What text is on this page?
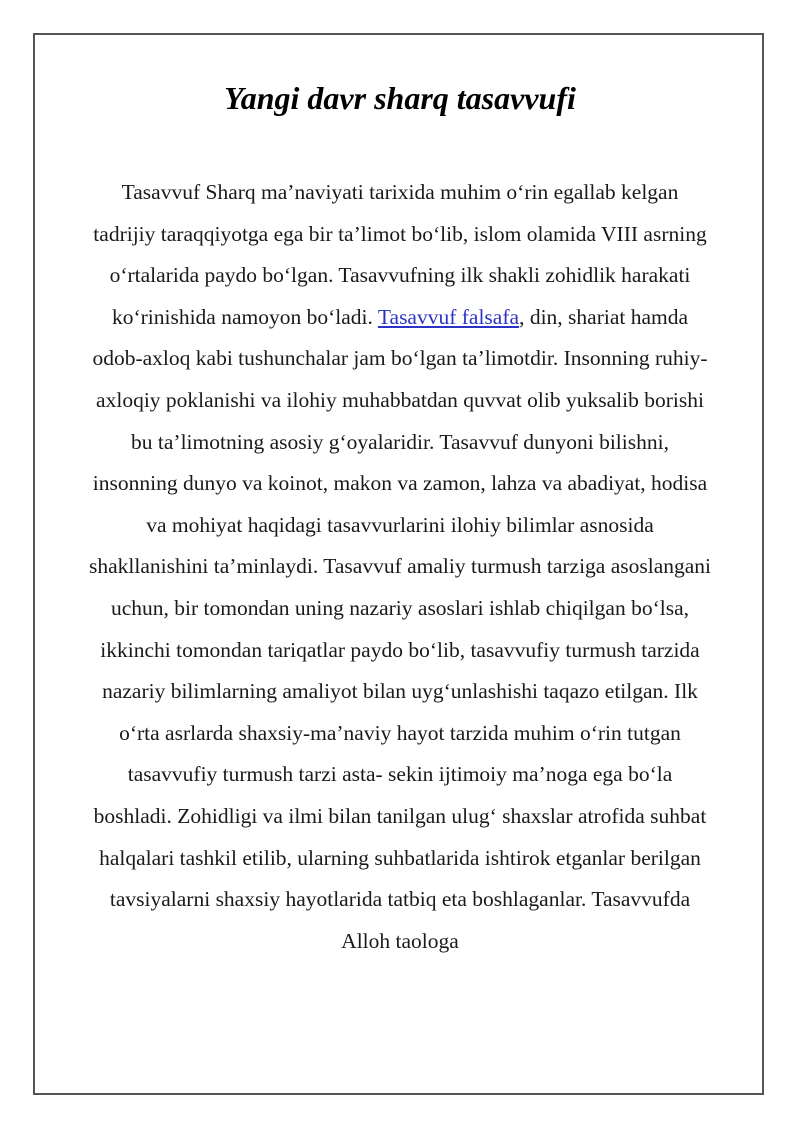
Yangi davr sharq tasavvufi

Tasavvuf Sharq ma’naviyati tarixida muhim o‘rin egallab kelgan tadrijiy taraqqiyotga ega bir ta’limot bo‘lib, islom olamida VIII asrning o‘rtalarida paydo bo‘lgan. Tasavvufning ilk shakli zohidlik harakati ko‘rinishida namoyon bo‘ladi. Tasavvuf falsafa, din, shariat hamda odob-axloq kabi tushunchalar jam bo‘lgan ta’limotdir. Insonning ruhiy-axloqiy poklanishi va ilohiy muhabbatdan quvvat olib yuksalib borishi bu ta’limotning asosiy g‘oyalaridir. Tasavvuf dunyoni bilishni, insonning dunyo va koinot, makon va zamon, lahza va abadiyat, hodisa va mohiyat haqidagi tasavvurlarini ilohiy bilimlar asnosida shakllanishini ta’minlaydi. Tasavvuf amaliy turmush tarziga asoslangani uchun, bir tomondan uning nazariy asoslari ishlab chiqilgan bo‘lsa, ikkinchi tomondan tariqatlar paydo bo‘lib, tasavvufiy turmush tarzida nazariy bilimlarning amaliyot bilan uyg‘unlashishi taqazo etilgan. Ilk o‘rta asrlarda shaxsiy-ma’naviy hayot tarzida muhim o‘rin tutgan tasavvufiy turmush tarzi asta- sekin ijtimoiy ma’noga ega bo‘la boshladi. Zohidligi va ilmi bilan tanilgan ulug‘ shaxslar atrofida suhbat halqalari tashkil etilib, ularning suhbatlarida ishtirok etganlar berilgan tavsiyalarni shaxsiy hayotlarida tatbiq eta boshlaganlar. Tasavvufda Alloh taologa
